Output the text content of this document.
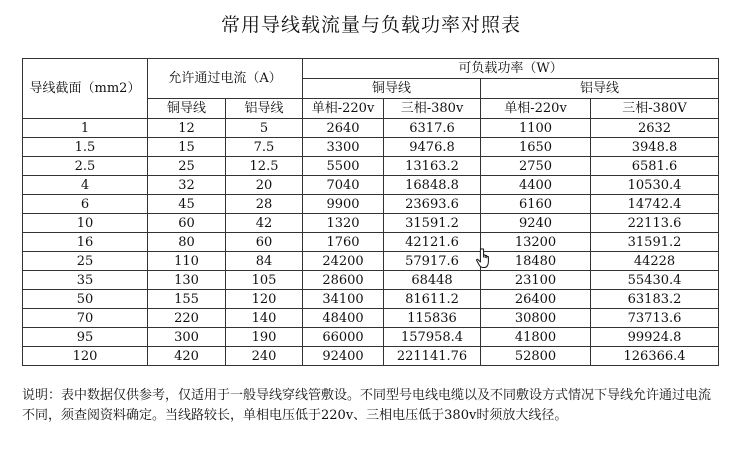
常用导线载流量与负载功率对照表
导线截面（mm2）	允许通过电流（A）		可负载功率（W）			
			铜导线		铝导线	
	铜导线	铝导线	单相-220v	三相-380v	单相-220v	三相-380V
1	12	5	2640	6317.6	1100	2632
1.5	15	7.5	3300	9476.8	1650	3948.8
2.5	25	12.5	5500	13163.2	2750	6581.6
4	32	20	7040	16848.8	4400	10530.4
6	45	28	9900	23693.6	6160	14742.4
10	60	42	1320	31591.2	9240	22113.6
16	80	60	1760	42121.6	13200	31591.2
25	110	84	24200	57917.6	18480	44228
35	130	105	28600	68448	23100	55430.4
50	155	120	34100	81611.2	26400	63183.2
70	220	140	48400	115836	30800	73713.6
95	300	190	66000	157958.4	41800	99924.8
120	420	240	92400	221141.76	52800	126366.4
说明：表中数据仅供参考，仅适用于一般导线穿线管敷设。不同型号电线电缆以及不同敷设方式情况下导线允许通过电流不同，须查阅资料确定。当线路较长，单相电压低于220v、三相电压低于380v时须放大线径。
